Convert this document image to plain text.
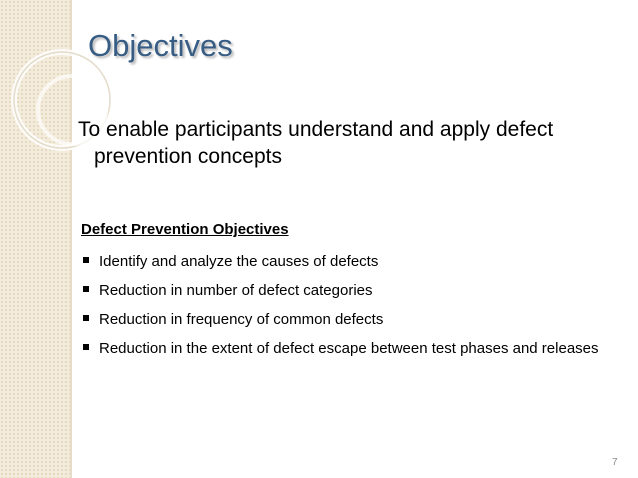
Objectives

To enable participants understand and apply defect prevention concepts

Defect Prevention Objectives
Identify and analyze the causes of defects
Reduction in number of defect categories
Reduction in frequency of common defects
Reduction in the extent of defect escape between test phases and releases
7
